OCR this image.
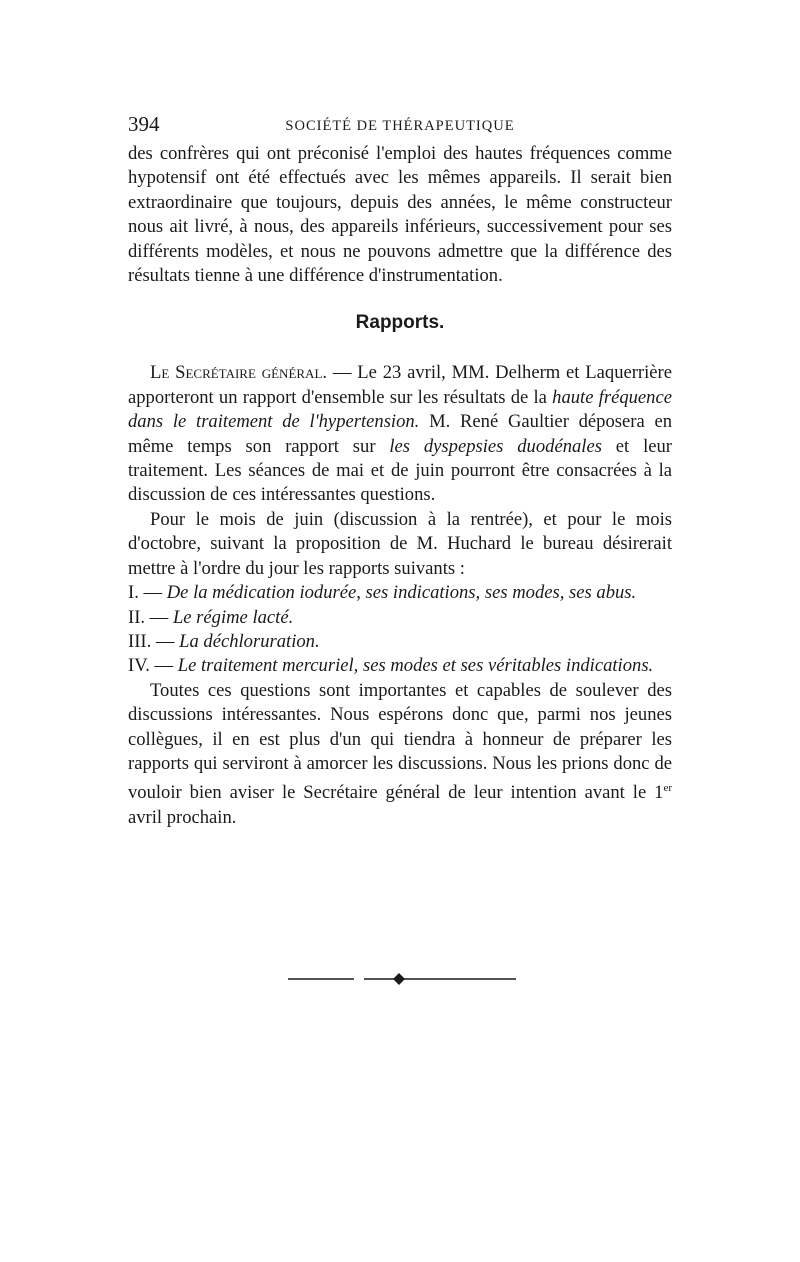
394	SOCIÉTÉ DE THÉRAPEUTIQUE

des confrères qui ont préconisé l'emploi des hautes fréquences comme hypotensif ont été effectués avec les mêmes appareils. Il serait bien extraordinaire que toujours, depuis des années, le même constructeur nous ait livré, à nous, des appareils inférieurs, successivement pour ses différents modèles, et nous ne pouvons admettre que la différence des résultats tienne à une différence d'instrumentation.

Rapports.

Le Secrétaire général. — Le 23 avril, MM. Delherm et Laquerrière apporteront un rapport d'ensemble sur les résultats de la haute fréquence dans le traitement de l'hypertension. M. René Gaultier déposera en même temps son rapport sur les dyspepsies duodénales et leur traitement. Les séances de mai et de juin pourront être consacrées à la discussion de ces intéressantes questions.

Pour le mois de juin (discussion à la rentrée), et pour le mois d'octobre, suivant la proposition de M. Huchard le bureau désirerait mettre à l'ordre du jour les rapports suivants :

I. — De la médication iodurée, ses indications, ses modes, ses abus.

II. — Le régime lacté.

III. — La déchloruration.

IV. — Le traitement mercuriel, ses modes et ses véritables indications.

Toutes ces questions sont importantes et capables de soulever des discussions intéressantes. Nous espérons donc que, parmi nos jeunes collègues, il en est plus d'un qui tiendra à honneur de préparer les rapports qui serviront à amorcer les discussions. Nous les prions donc de vouloir bien aviser le Secrétaire général de leur intention avant le 1er avril prochain.
